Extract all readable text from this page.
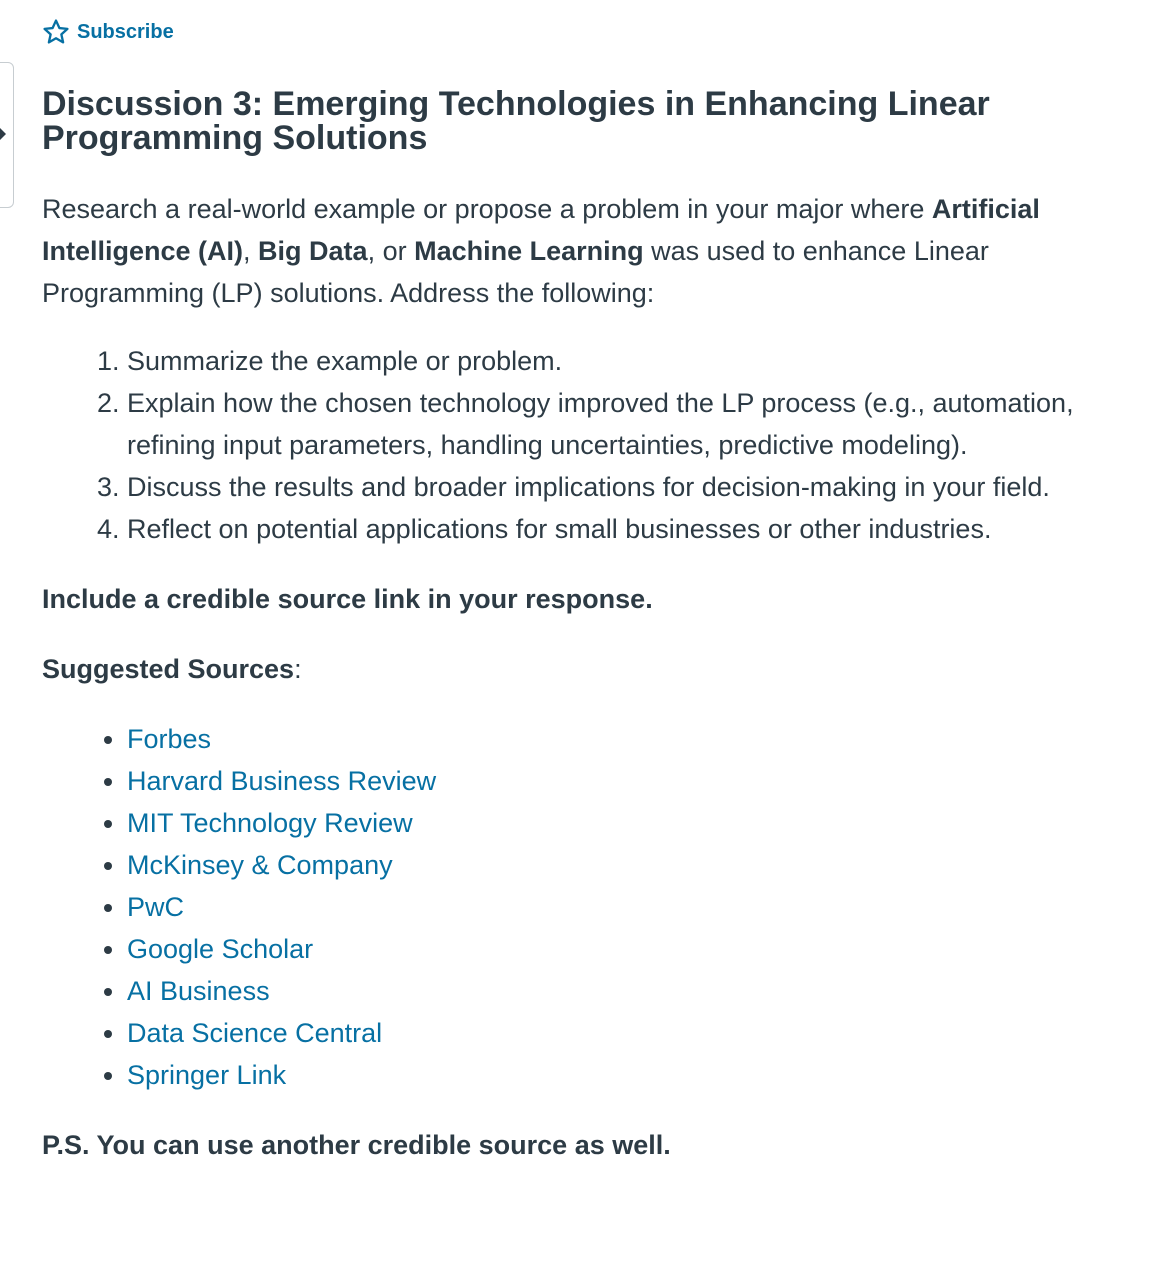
Subscribe
Discussion 3: Emerging Technologies in Enhancing Linear Programming Solutions

Research a real-world example or propose a problem in your major where Artificial Intelligence (AI), Big Data, or Machine Learning was used to enhance Linear Programming (LP) solutions. Address the following:

1. Summarize the example or problem.
2. Explain how the chosen technology improved the LP process (e.g., automation, refining input parameters, handling uncertainties, predictive modeling).
3. Discuss the results and broader implications for decision-making in your field.
4. Reflect on potential applications for small businesses or other industries.

Include a credible source link in your response.

Suggested Sources:

• Forbes
• Harvard Business Review
• MIT Technology Review
• McKinsey & Company
• PwC
• Google Scholar
• AI Business
• Data Science Central
• Springer Link

P.S. You can use another credible source as well.
